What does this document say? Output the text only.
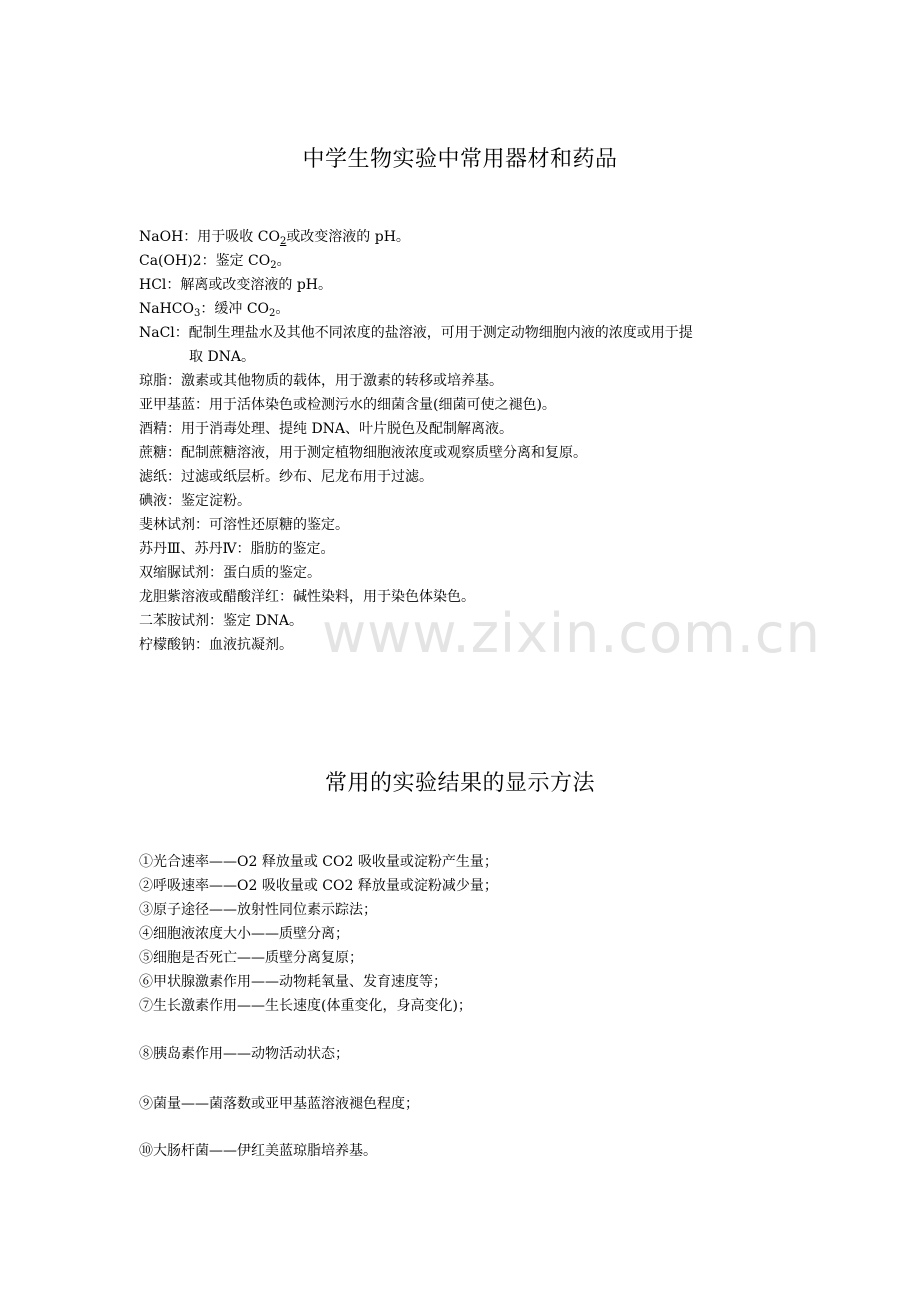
www.zixin.com.cn
中学生物实验中常用器材和药品
NaOH：用于吸收 $CO_2$或改变溶液的 pH。
Ca(OH)2：鉴定 $CO_2$。
HCl：解离或改变溶液的 pH。
NaHCO$_3$：缓冲 $CO_2$。
NaCl：配制生理盐水及其他不同浓度的盐溶液，可用于测定动物细胞内液的浓度或用于提
取 DNA。
琼脂：激素或其他物质的载体，用于激素的转移或培养基。
亚甲基蓝：用于活体染色或检测污水的细菌含量(细菌可使之褪色)。
酒精：用于消毒处理、提纯 DNA、叶片脱色及配制解离液。
蔗糖：配制蔗糖溶液，用于测定植物细胞液浓度或观察质壁分离和复原。
滤纸：过滤或纸层析。纱布、尼龙布用于过滤。
碘液：鉴定淀粉。
斐林试剂：可溶性还原糖的鉴定。
苏丹Ⅲ、苏丹Ⅳ：脂肪的鉴定。
双缩脲试剂：蛋白质的鉴定。
龙胆紫溶液或醋酸洋红：碱性染料，用于染色体染色。
二苯胺试剂：鉴定 DNA。
柠檬酸钠：血液抗凝剂。
常用的实验结果的显示方法
①光合速率——O2 释放量或 CO2 吸收量或淀粉产生量；
②呼吸速率——O2 吸收量或 CO2 释放量或淀粉减少量；
③原子途径——放射性同位素示踪法；
④细胞液浓度大小——质壁分离；
⑤细胞是否死亡——质壁分离复原；
⑥甲状腺激素作用——动物耗氧量、发育速度等；
⑦生长激素作用——生长速度(体重变化，身高变化)；
⑧胰岛素作用——动物活动状态；
⑨菌量——菌落数或亚甲基蓝溶液褪色程度；
⑩大肠杆菌——伊红美蓝琼脂培养基。
